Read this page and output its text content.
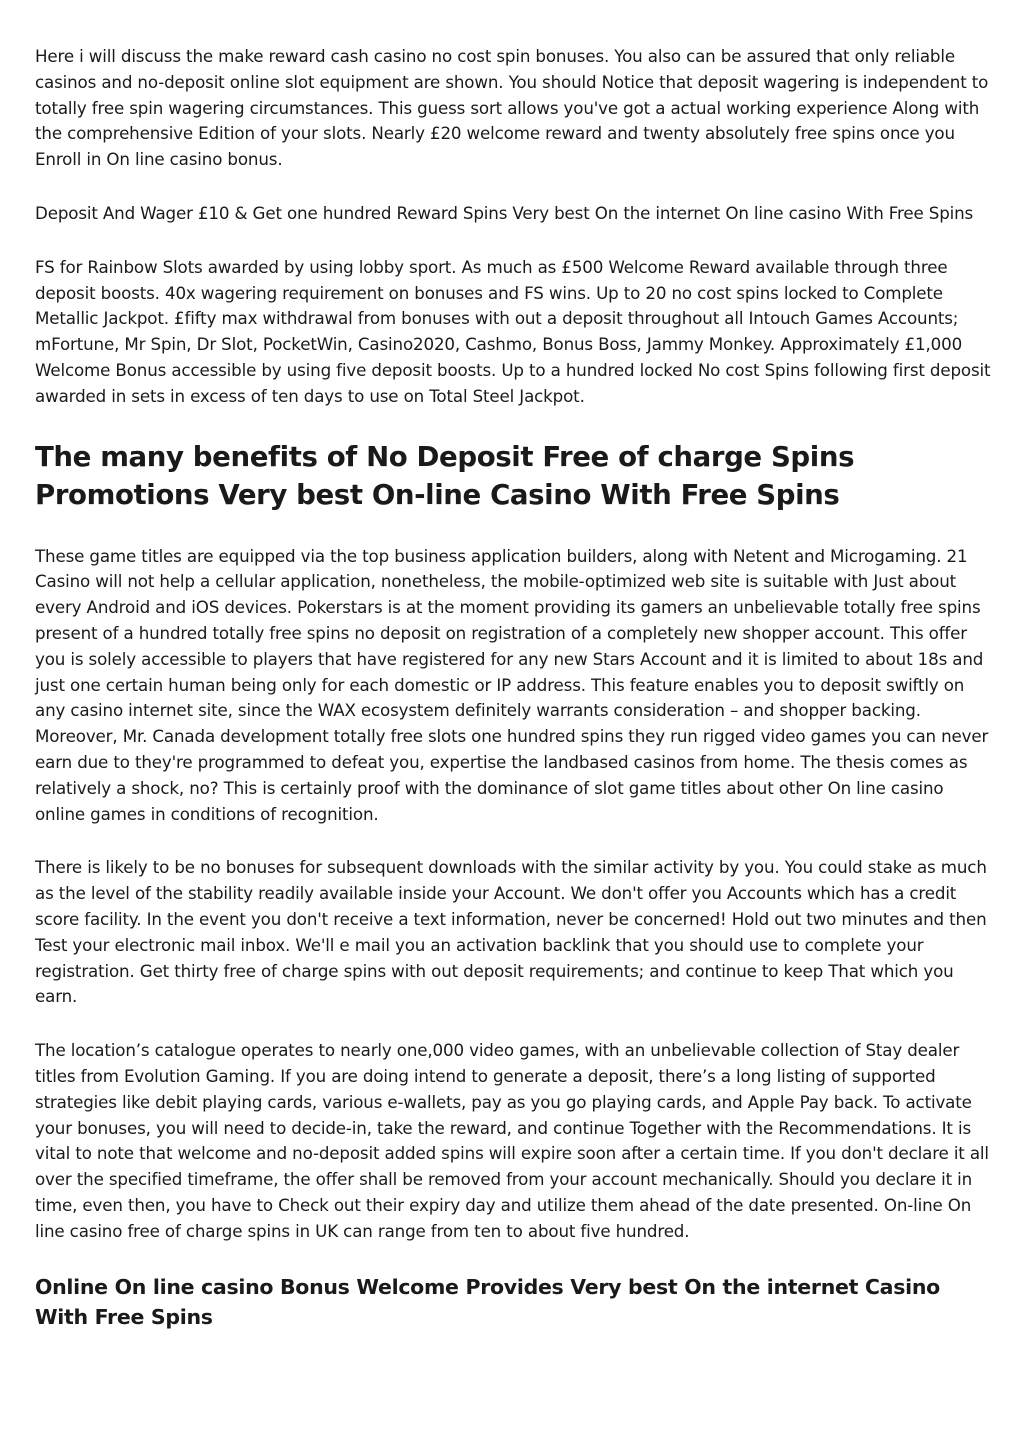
Here i will discuss the make reward cash casino no cost spin bonuses. You also can be assured that only reliable casinos and no-deposit online slot equipment are shown. You should Notice that deposit wagering is independent to totally free spin wagering circumstances. This guess sort allows you've got a actual working experience Along with the comprehensive Edition of your slots. Nearly £20 welcome reward and twenty absolutely free spins once you Enroll in On line casino bonus.

Deposit And Wager £10 & Get one hundred Reward Spins Very best On the internet On line casino With Free Spins

FS for Rainbow Slots awarded by using lobby sport. As much as £500 Welcome Reward available through three deposit boosts. 40x wagering requirement on bonuses and FS wins. Up to 20 no cost spins locked to Complete Metallic Jackpot. £fifty max withdrawal from bonuses with out a deposit throughout all Intouch Games Accounts; mFortune, Mr Spin, Dr Slot, PocketWin, Casino2020, Cashmo, Bonus Boss, Jammy Monkey. Approximately £1,000 Welcome Bonus accessible by using five deposit boosts. Up to a hundred locked No cost Spins following first deposit awarded in sets in excess of ten days to use on Total Steel Jackpot.

The many benefits of No Deposit Free of charge Spins Promotions Very best On-line Casino With Free Spins

These game titles are equipped via the top business application builders, along with Netent and Microgaming. 21 Casino will not help a cellular application, nonetheless, the mobile-optimized web site is suitable with Just about every Android and iOS devices. Pokerstars is at the moment providing its gamers an unbelievable totally free spins present of a hundred totally free spins no deposit on registration of a completely new shopper account. This offer you is solely accessible to players that have registered for any new Stars Account and it is limited to about 18s and just one certain human being only for each domestic or IP address. This feature enables you to deposit swiftly on any casino internet site, since the WAX ecosystem definitely warrants consideration – and shopper backing. Moreover, Mr. Canada development totally free slots one hundred spins they run rigged video games you can never earn due to they're programmed to defeat you, expertise the landbased casinos from home. The thesis comes as relatively a shock, no? This is certainly proof with the dominance of slot game titles about other On line casino online games in conditions of recognition.

There is likely to be no bonuses for subsequent downloads with the similar activity by you. You could stake as much as the level of the stability readily available inside your Account. We don't offer you Accounts which has a credit score facility. In the event you don't receive a text information, never be concerned! Hold out two minutes and then Test your electronic mail inbox. We'll e mail you an activation backlink that you should use to complete your registration. Get thirty free of charge spins with out deposit requirements; and continue to keep That which you earn.

The location’s catalogue operates to nearly one,000 video games, with an unbelievable collection of Stay dealer titles from Evolution Gaming. If you are doing intend to generate a deposit, there’s a long listing of supported strategies like debit playing cards, various e-wallets, pay as you go playing cards, and Apple Pay back. To activate your bonuses, you will need to decide-in, take the reward, and continue Together with the Recommendations. It is vital to note that welcome and no-deposit added spins will expire soon after a certain time. If you don't declare it all over the specified timeframe, the offer shall be removed from your account mechanically. Should you declare it in time, even then, you have to Check out their expiry day and utilize them ahead of the date presented. On-line On line casino free of charge spins in UK can range from ten to about five hundred.

Online On line casino Bonus Welcome Provides Very best On the internet Casino With Free Spins
